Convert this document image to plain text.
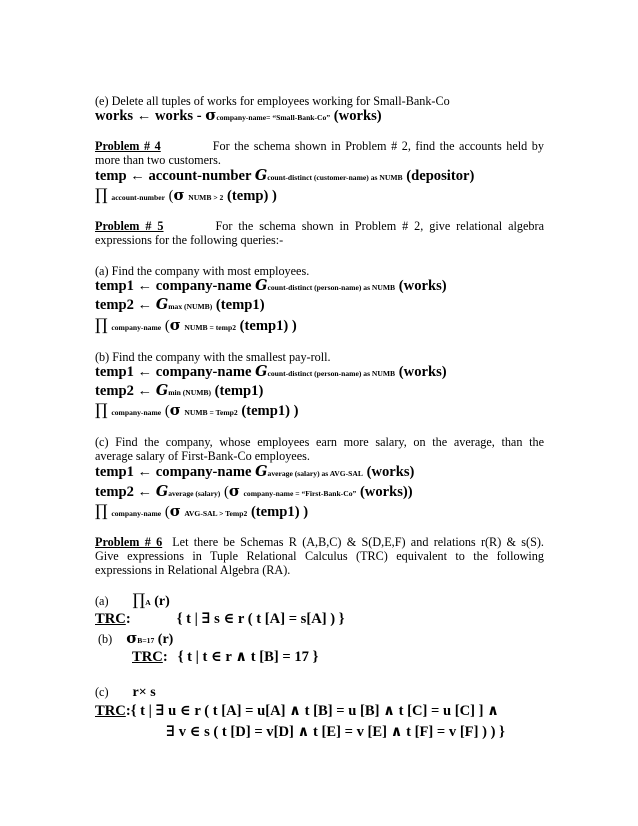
(e) Delete all tuples of works for employees working for Small-Bank-Co
works ← works - σcompany-name= “Small-Bank-Co” (works)
Problem # 4	For the schema shown in Problem # 2, find the accounts held by
more than two customers.
temp ← account-number Gcount-distinct (customer-name) as NUMB (depositor)
∏ account-number (σ NUMB > 2 (temp) )
Problem # 5	For the schema shown in Problem # 2, give relational algebra
expressions for the following queries:-
(a) Find the company with most employees.
temp1 ← company-name Gcount-distinct (person-name) as NUMB (works)
temp2 ← Gmax (NUMB) (temp1)
∏ company-name (σ NUMB = temp2 (temp1) )
(b) Find the company with the smallest pay-roll.
temp1 ← company-name Gcount-distinct (person-name) as NUMB (works)
temp2 ← Gmin (NUMB) (temp1)
∏ company-name (σ NUMB = Temp2 (temp1) )
(c) Find the company, whose employees earn more salary, on the average, than the
average salary of First-Bank-Co employees.
temp1 ← company-name Gaverage (salary) as AVG-SAL (works)
temp2 ← Gaverage (salary) (σ company-name = “First-Bank-Co” (works))
∏ company-name (σ AVG-SAL > Temp2 (temp1) )
Problem # 6 Let there be Schemas R (A,B,C) & S(D,E,F) and relations r(R) & s(S).
Give expressions in Tuple Relational Calculus (TRC) equivalent to the following
expressions in Relational Algebra (RA).
(a) ∏A (r)
TRC:	{ t | ∃ s ∈ r ( t [A] = s[A] ) }
(b) σB=17 (r)
TRC: { t | t ∈ r ∧ t [B] = 17 }
(c) r× s
TRC:{ t | ∃ u ∈ r ( t [A] = u[A] ∧ t [B] = u [B] ∧ t [C] = u [C] ] ∧
∃ v ∈ s ( t [D] = v[D] ∧ t [E] = v [E] ∧ t [F] = v [F] ) ) }
